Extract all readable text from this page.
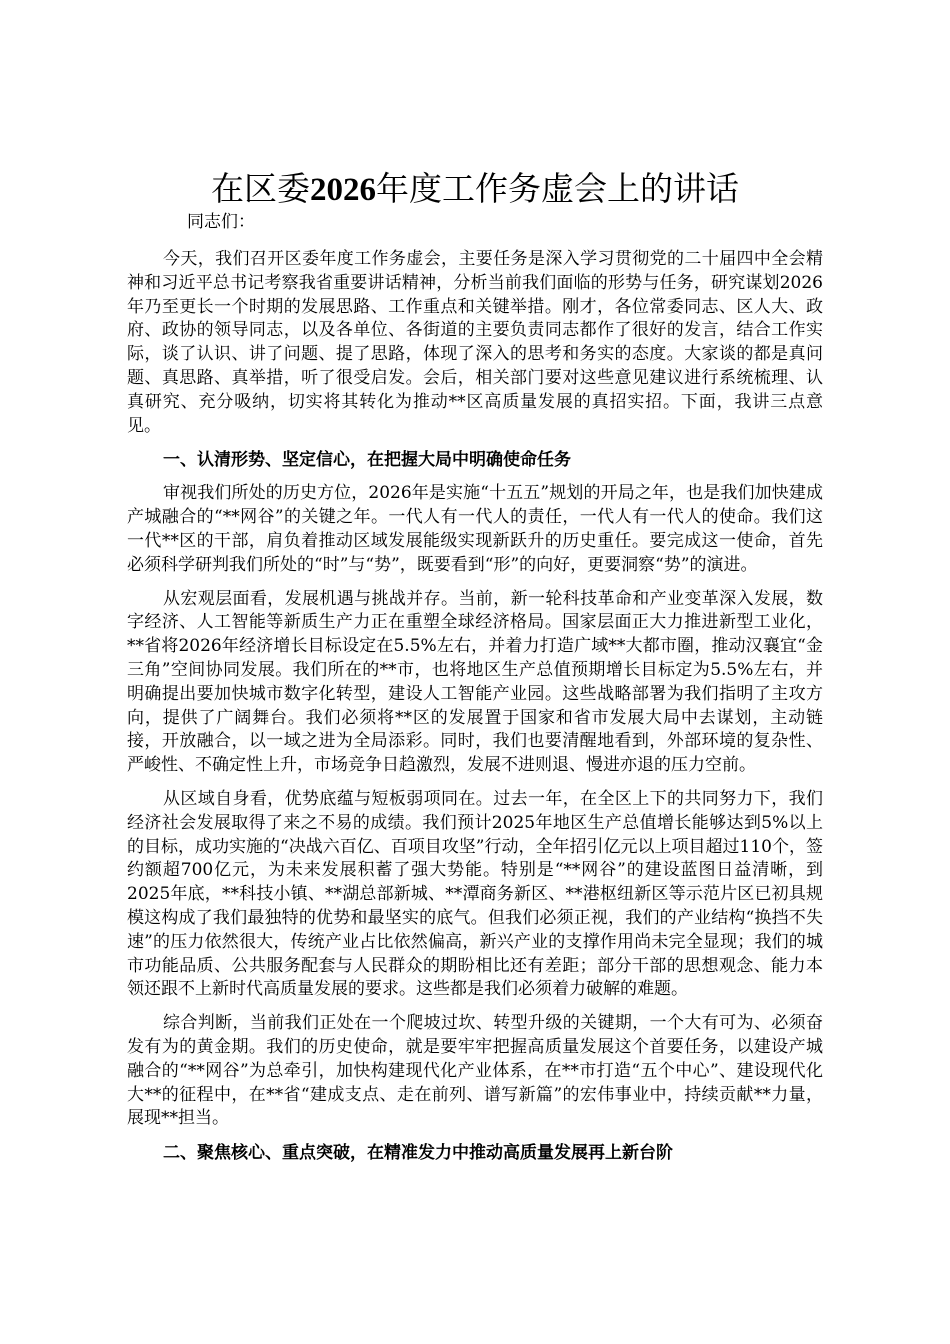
在区委2026年度工作务虚会上的讲话

同志们：

今天，我们召开区委年度工作务虚会，主要任务是深入学习贯彻党的二十届四中全会精神和习近平总书记考察我省重要讲话精神，分析当前我们面临的形势与任务，研究谋划2026年乃至更长一个时期的发展思路、工作重点和关键举措。刚才，各位常委同志、区人大、政府、政协的领导同志，以及各单位、各街道的主要负责同志都作了很好的发言，结合工作实际，谈了认识、讲了问题、提了思路，体现了深入的思考和务实的态度。大家谈的都是真问题、真思路、真举措，听了很受启发。会后，相关部门要对这些意见建议进行系统梳理、认真研究、充分吸纳，切实将其转化为推动**区高质量发展的真招实招。下面，我讲三点意见。

一、认清形势、坚定信心，在把握大局中明确使命任务

审视我们所处的历史方位，2026年是实施“十五五”规划的开局之年，也是我们加快建成产城融合的“**网谷”的关键之年。一代人有一代人的责任，一代人有一代人的使命。我们这一代**区的干部，肩负着推动区域发展能级实现新跃升的历史重任。要完成这一使命，首先必须科学研判我们所处的“时”与“势”，既要看到“形”的向好，更要洞察“势”的演进。

从宏观层面看，发展机遇与挑战并存。当前，新一轮科技革命和产业变革深入发展，数字经济、人工智能等新质生产力正在重塑全球经济格局。国家层面正大力推进新型工业化，**省将2026年经济增长目标设定在5.5%左右，并着力打造广域**大都市圈，推动汉襄宜“金三角”空间协同发展。我们所在的**市，也将地区生产总值预期增长目标定为5.5%左右，并明确提出要加快城市数字化转型，建设人工智能产业园。这些战略部署为我们指明了主攻方向，提供了广阔舞台。我们必须将**区的发展置于国家和省市发展大局中去谋划，主动链接，开放融合，以一域之进为全局添彩。同时，我们也要清醒地看到，外部环境的复杂性、严峻性、不确定性上升，市场竞争日趋激烈，发展不进则退、慢进亦退的压力空前。

从区域自身看，优势底蕴与短板弱项同在。过去一年，在全区上下的共同努力下，我们经济社会发展取得了来之不易的成绩。我们预计2025年地区生产总值增长能够达到5%以上的目标，成功实施的“决战六百亿、百项目攻坚”行动，全年招引亿元以上项目超过110个，签约额超700亿元，为未来发展积蓄了强大势能。特别是“**网谷”的建设蓝图日益清晰，到2025年底，**科技小镇、**湖总部新城、**潭商务新区、**港枢纽新区等示范片区已初具规模这构成了我们最独特的优势和最坚实的底气。但我们必须正视，我们的产业结构“换挡不失速”的压力依然很大，传统产业占比依然偏高，新兴产业的支撑作用尚未完全显现；我们的城市功能品质、公共服务配套与人民群众的期盼相比还有差距；部分干部的思想观念、能力本领还跟不上新时代高质量发展的要求。这些都是我们必须着力破解的难题。

综合判断，当前我们正处在一个爬坡过坎、转型升级的关键期，一个大有可为、必须奋发有为的黄金期。我们的历史使命，就是要牢牢把握高质量发展这个首要任务，以建设产城融合的“**网谷”为总牵引，加快构建现代化产业体系，在**市打造“五个中心”、建设现代化大**的征程中，在**省“建成支点、走在前列、谱写新篇”的宏伟事业中，持续贡献**力量，展现**担当。

二、聚焦核心、重点突破，在精准发力中推动高质量发展再上新台阶
